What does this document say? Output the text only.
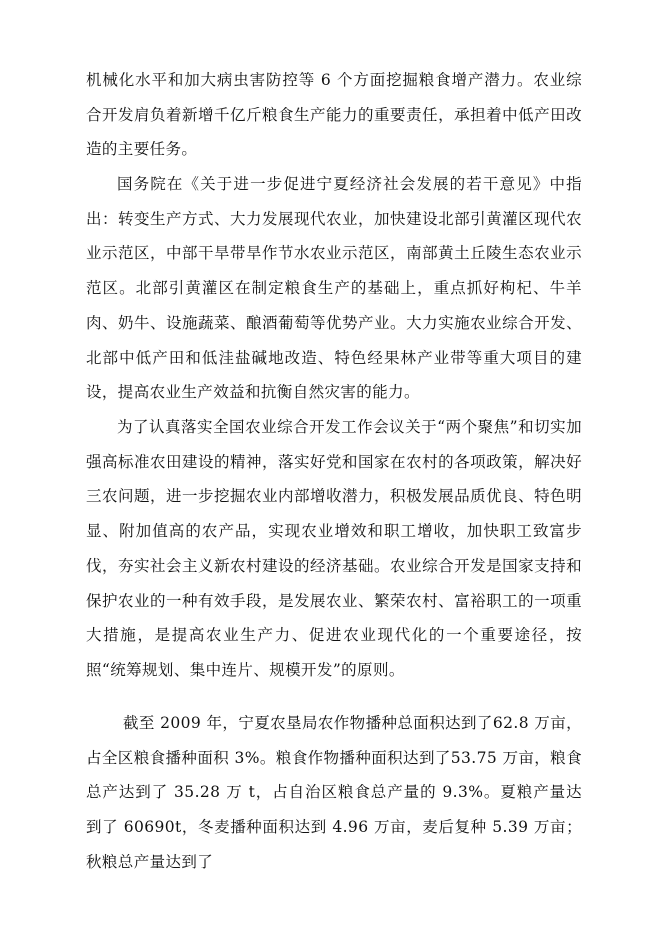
机械化水平和加大病虫害防控等 6 个方面挖掘粮食增产潜力。农业综合开发肩负着新增千亿斤粮食生产能力的重要责任，承担着中低产田改造的主要任务。

国务院在《关于进一步促进宁夏经济社会发展的若干意见》中指出：转变生产方式、大力发展现代农业，加快建设北部引黄灌区现代农业示范区，中部干旱带旱作节水农业示范区，南部黄土丘陵生态农业示范区。北部引黄灌区在制定粮食生产的基础上，重点抓好枸杞、牛羊肉、奶牛、设施蔬菜、酿酒葡萄等优势产业。大力实施农业综合开发、北部中低产田和低洼盐碱地改造、特色经果林产业带等重大项目的建设，提高农业生产效益和抗衡自然灾害的能力。

为了认真落实全国农业综合开发工作会议关于“两个聚焦”和切实加强高标准农田建设的精神，落实好党和国家在农村的各项政策，解决好三农问题，进一步挖掘农业内部增收潜力，积极发展品质优良、特色明显、附加值高的农产品，实现农业增效和职工增收，加快职工致富步伐，夯实社会主义新农村建设的经济基础。农业综合开发是国家支持和保护农业的一种有效手段，是发展农业、繁荣农村、富裕职工的一项重大措施，是提高农业生产力、促进农业现代化的一个重要途径，按照“统筹规划、集中连片、规模开发”的原则。

截至 2009 年，宁夏农垦局农作物播种总面积达到了62.8 万亩，占全区粮食播种面积 3%。粮食作物播种面积达到了53.75 万亩，粮食总产达到了 35.28 万 t，占自治区粮食总产量的 9.3%。夏粮产量达到了 60690t，冬麦播种面积达到 4.96 万亩，麦后复种 5.39 万亩；秋粮总产量达到了
